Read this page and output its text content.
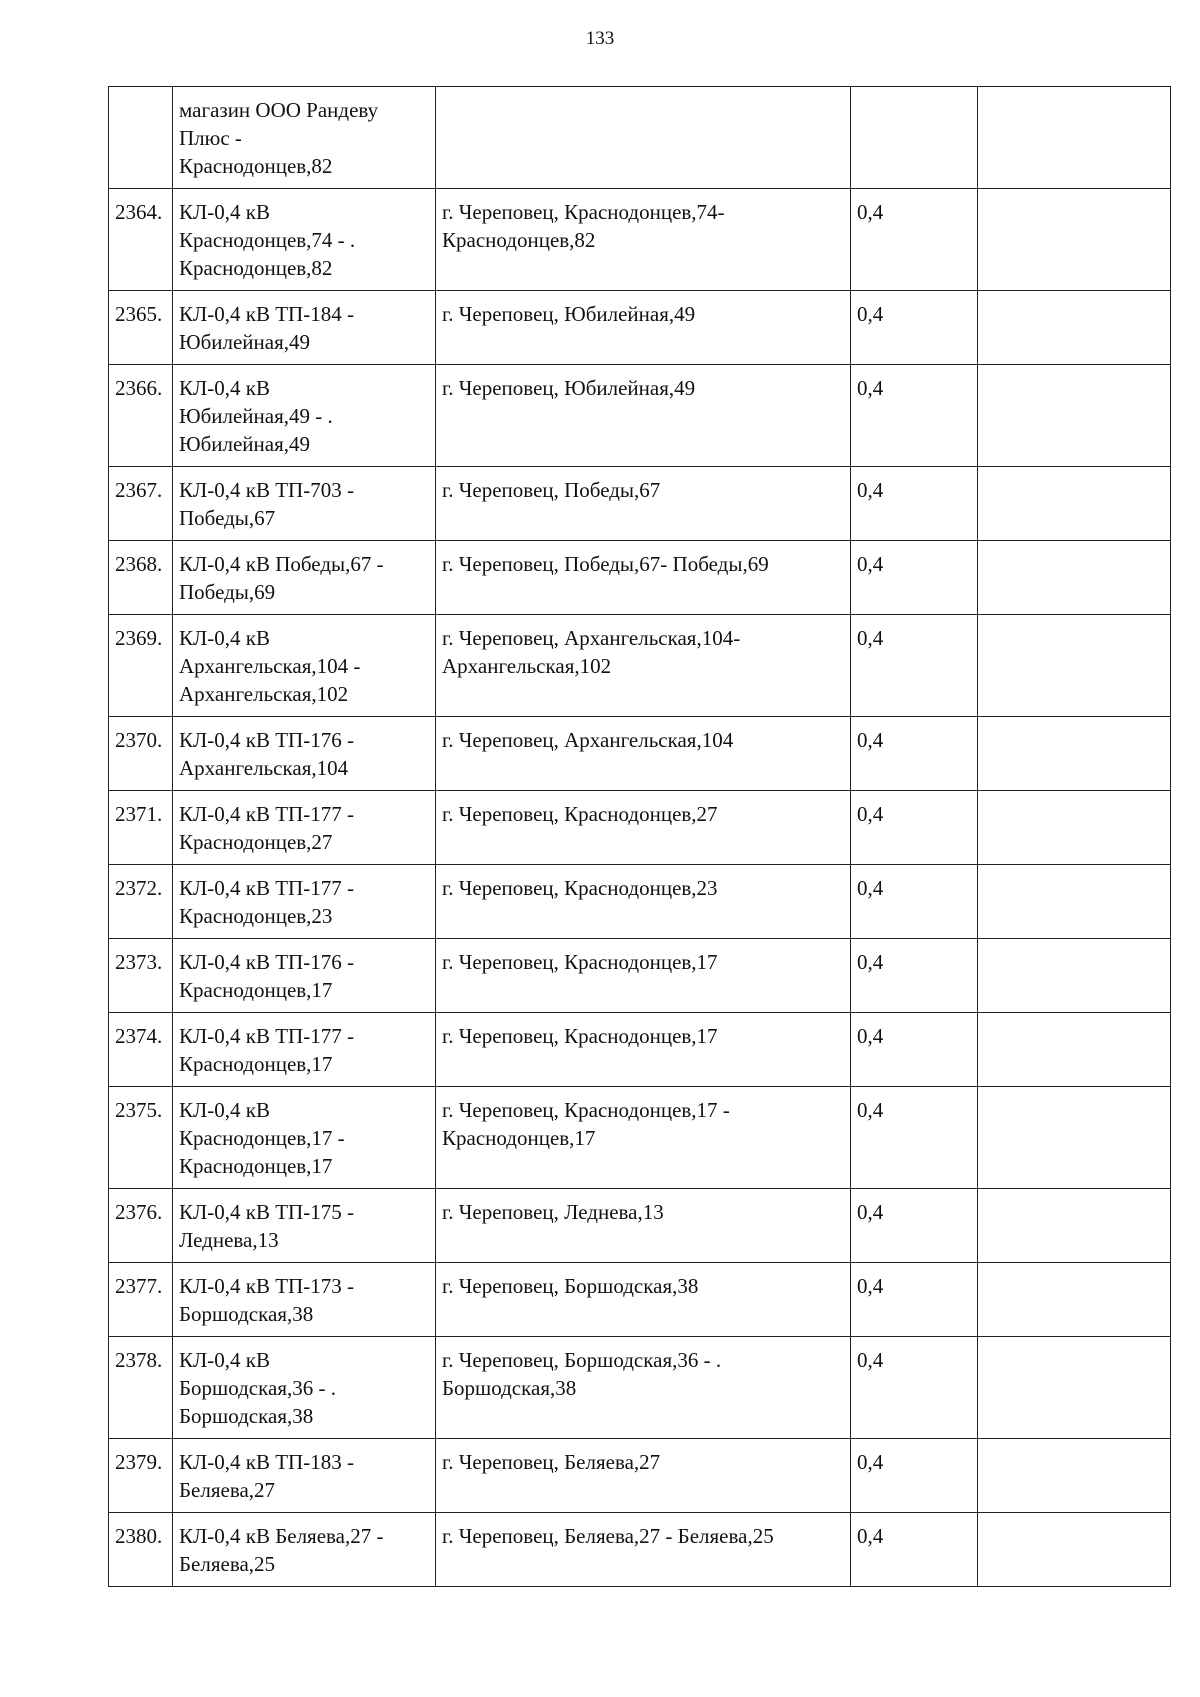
133
	магазин ООО Рандеву
Плюс -
Краснодонцев,82			
2364.	КЛ-0,4 кВ
Краснодонцев,74 - .
Краснодонцев,82	г. Череповец, Краснодонцев,74-
Краснодонцев,82	0,4	
2365.	КЛ-0,4 кВ ТП-184 -
Юбилейная,49	г. Череповец, Юбилейная,49	0,4	
2366.	КЛ-0,4 кВ
Юбилейная,49 - .
Юбилейная,49	г. Череповец, Юбилейная,49	0,4	
2367.	КЛ-0,4 кВ ТП-703 -
Победы,67	г. Череповец, Победы,67	0,4	
2368.	КЛ-0,4 кВ Победы,67 -
Победы,69	г. Череповец, Победы,67- Победы,69	0,4	
2369.	КЛ-0,4 кВ
Архангельская,104 -
Архангельская,102	г. Череповец, Архангельская,104-
Архангельская,102	0,4	
2370.	КЛ-0,4 кВ ТП-176 -
Архангельская,104	г. Череповец, Архангельская,104	0,4	
2371.	КЛ-0,4 кВ ТП-177 -
Краснодонцев,27	г. Череповец, Краснодонцев,27	0,4	
2372.	КЛ-0,4 кВ ТП-177 -
Краснодонцев,23	г. Череповец, Краснодонцев,23	0,4	
2373.	КЛ-0,4 кВ ТП-176 -
Краснодонцев,17	г. Череповец, Краснодонцев,17	0,4	
2374.	КЛ-0,4 кВ ТП-177 -
Краснодонцев,17	г. Череповец, Краснодонцев,17	0,4	
2375.	КЛ-0,4 кВ
Краснодонцев,17 -
Краснодонцев,17	г. Череповец, Краснодонцев,17 -
Краснодонцев,17	0,4	
2376.	КЛ-0,4 кВ ТП-175 -
Леднева,13	г. Череповец, Леднева,13	0,4	
2377.	КЛ-0,4 кВ ТП-173 -
Боршодская,38	г. Череповец, Боршодская,38	0,4	
2378.	КЛ-0,4 кВ
Боршодская,36 - .
Боршодская,38	г. Череповец, Боршодская,36 - .
Боршодская,38	0,4	
2379.	КЛ-0,4 кВ ТП-183 -
Беляева,27	г. Череповец, Беляева,27	0,4	
2380.	КЛ-0,4 кВ Беляева,27 -
Беляева,25	г. Череповец, Беляева,27 - Беляева,25	0,4	
